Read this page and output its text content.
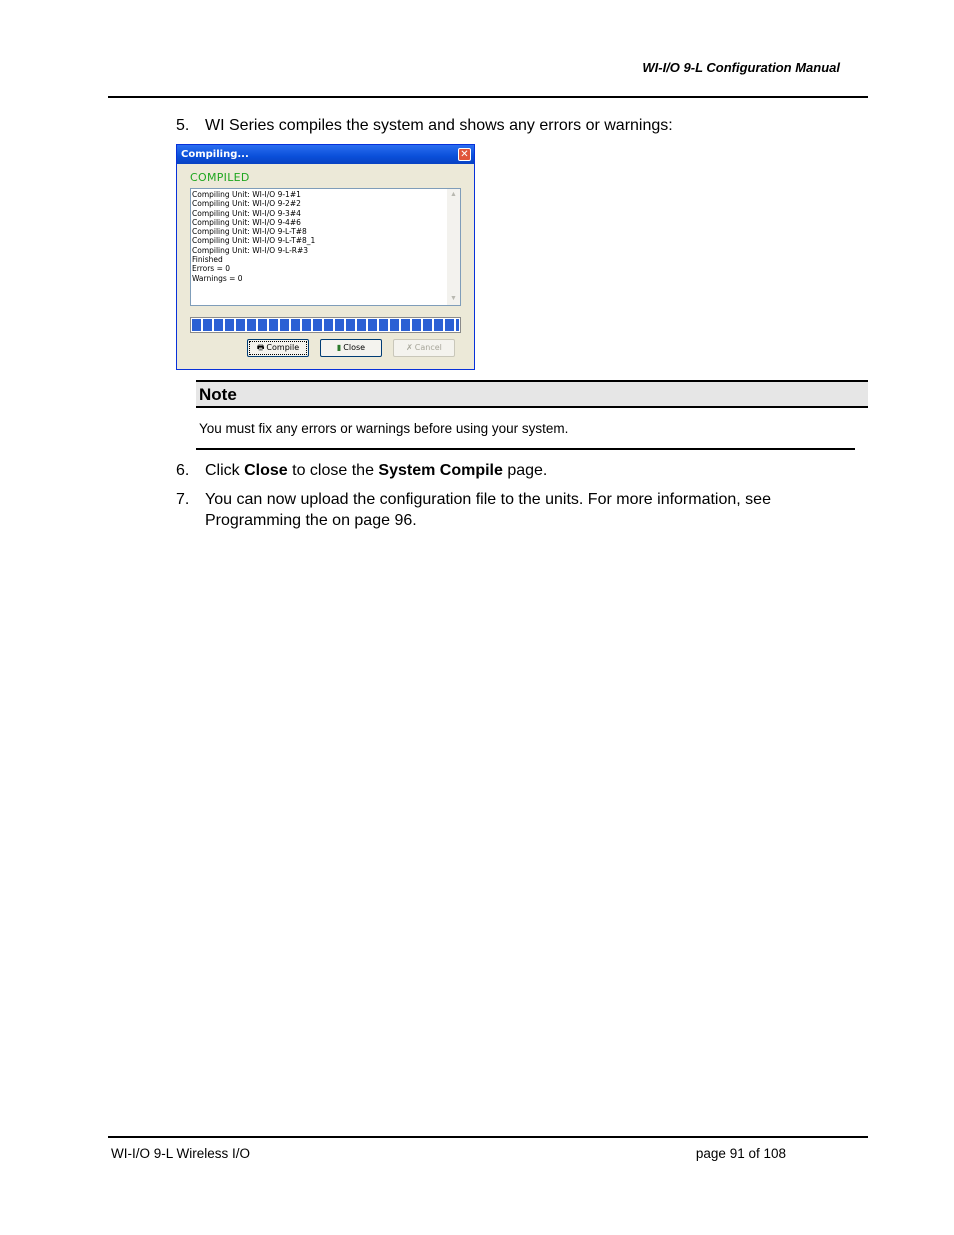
WI-I/O 9-L Configuration Manual
5. WI Series compiles the system and shows any errors or warnings:
Compiling...	✕
COMPILED
Compiling Unit: WI-I/O 9-1#1
Compiling Unit: WI-I/O 9-2#2
Compiling Unit: WI-I/O 9-3#4
Compiling Unit: WI-I/O 9-4#6
Compiling Unit: WI-I/O 9-L-T#8
Compiling Unit: WI-I/O 9-L-T#8_1
Compiling Unit: WI-I/O 9-L-R#3
Finished
Errors = 0
Warnings = 0
▲
▼
🖶 Compile	▮ Close	✗ Cancel
Note
You must fix any errors or warnings before using your system.
6. Click Close to close the System Compile page.
7. You can now upload the configuration file to the units. For more information, see
Programming the on page 96.
WI-I/O 9-L Wireless I/O	page 91 of 108
